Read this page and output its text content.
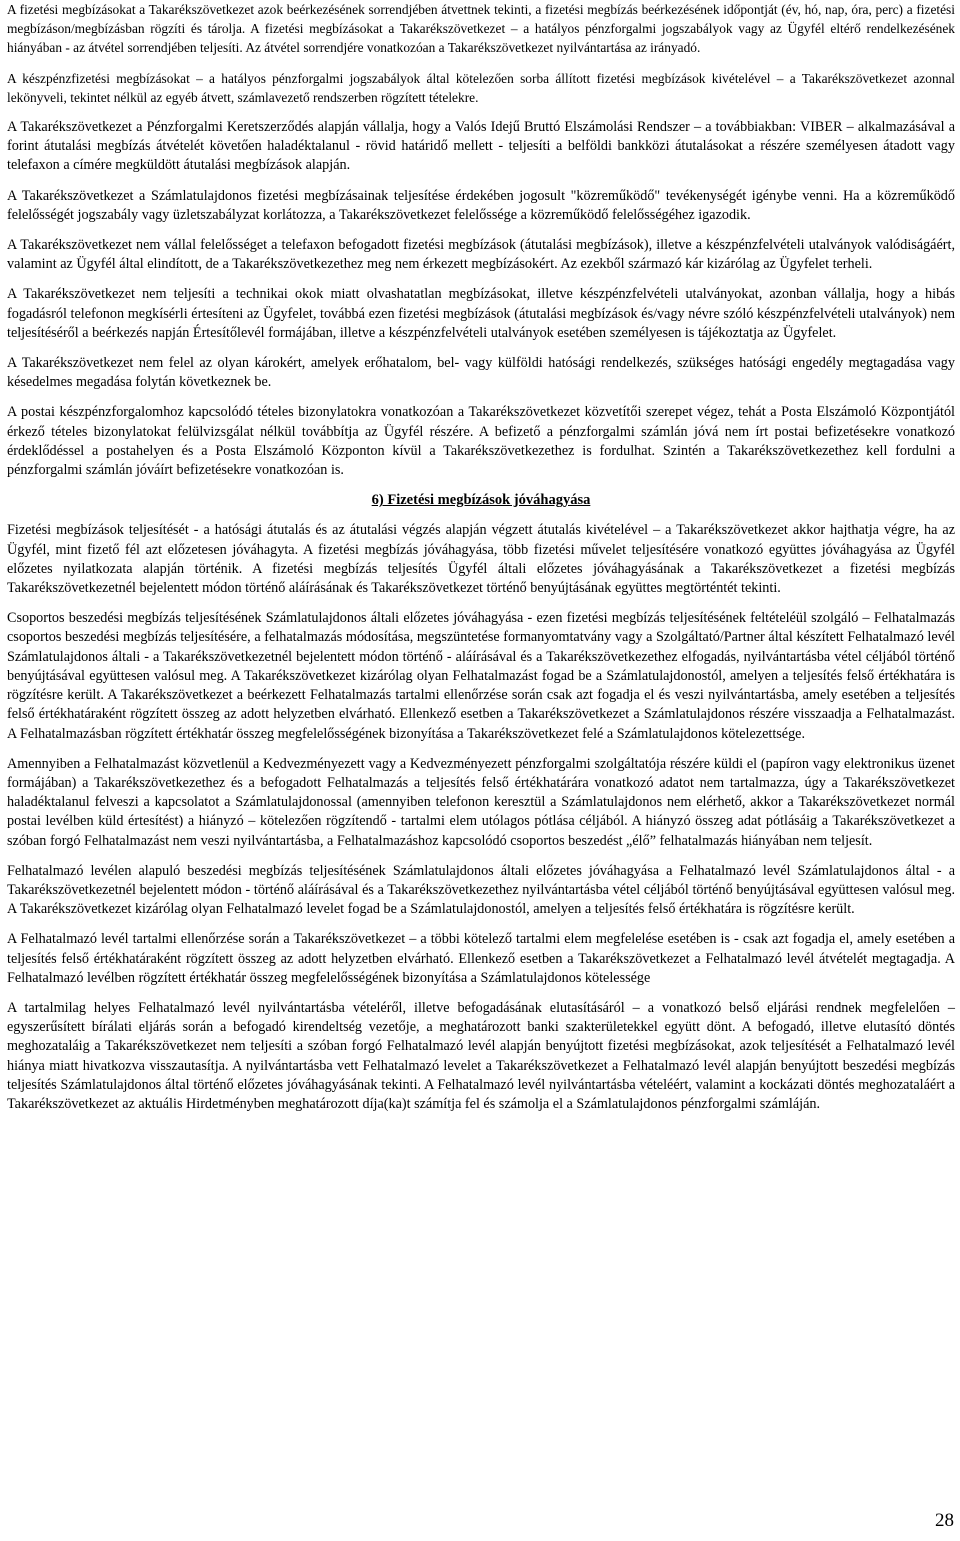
A fizetési megbízásokat a Takarékszövetkezet azok beérkezésének sorrendjében átvettnek tekinti, a fizetési megbízás beérkezésének időpontját (év, hó, nap, óra, perc) a fizetési megbízáson/megbízásban rögzíti és tárolja. A fizetési megbízásokat a Takarékszövetkezet – a hatályos pénzforgalmi jogszabályok vagy az Ügyfél eltérő rendelkezésének hiányában - az átvétel sorrendjében teljesíti. Az átvétel sorrendjére vonatkozóan a Takarékszövetkezet nyilvántartása az irányadó.

A készpénzfizetési megbízásokat – a hatályos pénzforgalmi jogszabályok által kötelezően sorba állított fizetési megbízások kivételével – a Takarékszövetkezet azonnal lekönyveli, tekintet nélkül az egyéb átvett, számlavezető rendszerben rögzített tételekre.

A Takarékszövetkezet a Pénzforgalmi Keretszerződés alapján vállalja, hogy a Valós Idejű Bruttó Elszámolási Rendszer – a továbbiakban: VIBER – alkalmazásával a forint átutalási megbízás átvételét követően haladéktalanul - rövid határidő mellett - teljesíti a belföldi bankközi átutalásokat a részére személyesen átadott vagy telefaxon a címére megküldött átutalási megbízások alapján.

A Takarékszövetkezet a Számlatulajdonos fizetési megbízásainak teljesítése érdekében jogosult "közreműködő" tevékenységét igénybe venni. Ha a közreműködő felelősségét jogszabály vagy üzletszabályzat korlátozza, a Takarékszövetkezet felelőssége a közreműködő felelősségéhez igazodik.

A Takarékszövetkezet nem vállal felelősséget a telefaxon befogadott fizetési megbízások (átutalási megbízások), illetve a készpénzfelvételi utalványok valódiságáért, valamint az Ügyfél által elindított, de a Takarékszövetkezethez meg nem érkezett megbízásokért. Az ezekből származó kár kizárólag az Ügyfelet terheli.

A Takarékszövetkezet nem teljesíti a technikai okok miatt olvashatatlan megbízásokat, illetve készpénzfelvételi utalványokat, azonban vállalja, hogy a hibás fogadásról telefonon megkísérli értesíteni az Ügyfelet, továbbá ezen fizetési megbízások (átutalási megbízások és/vagy névre szóló készpénzfelvételi utalványok) nem teljesítéséről a beérkezés napján Értesítőlevél formájában, illetve a készpénzfelvételi utalványok esetében személyesen is tájékoztatja az Ügyfelet.

A Takarékszövetkezet nem felel az olyan károkért, amelyek erőhatalom, bel- vagy külföldi hatósági rendelkezés, szükséges hatósági engedély megtagadása vagy késedelmes megadása folytán következnek be.

A postai készpénzforgalomhoz kapcsolódó tételes bizonylatokra vonatkozóan a Takarékszövetkezet közvetítői szerepet végez, tehát a Posta Elszámoló Központjától érkező tételes bizonylatokat felülvizsgálat nélkül továbbítja az Ügyfél részére. A befizető a pénzforgalmi számlán jóvá nem írt postai befizetésekre vonatkozó érdeklődéssel a postahelyen és a Posta Elszámoló Központon kívül a Takarékszövetkezethez is fordulhat. Szintén a Takarékszövetkezethez kell fordulni a pénzforgalmi számlán jóváírt befizetésekre vonatkozóan is.

6) Fizetési megbízások jóváhagyása

Fizetési megbízások teljesítését - a hatósági átutalás és az átutalási végzés alapján végzett átutalás kivételével – a Takarékszövetkezet akkor hajthatja végre, ha az Ügyfél, mint fizető fél azt előzetesen jóváhagyta. A fizetési megbízás jóváhagyása, több fizetési művelet teljesítésére vonatkozó együttes jóváhagyása az Ügyfél előzetes nyilatkozata alapján történik. A fizetési megbízás teljesítés Ügyfél általi előzetes jóváhagyásának a Takarékszövetkezet a fizetési megbízás Takarékszövetkezetnél bejelentett módon történő aláírásának és Takarékszövetkezet történő benyújtásának együttes megtörténtét tekinti.

Csoportos beszedési megbízás teljesítésének Számlatulajdonos általi előzetes jóváhagyása - ezen fizetési megbízás teljesítésének feltételéül szolgáló – Felhatalmazás csoportos beszedési megbízás teljesítésére, a felhatalmazás módosítása, megszüntetése formanyomtatvány vagy a Szolgáltató/Partner által készített Felhatalmazó levél Számlatulajdonos általi - a Takarékszövetkezetnél bejelentett módon történő - aláírásával és a Takarékszövetkezethez elfogadás, nyilvántartásba vétel céljából történő benyújtásával együttesen valósul meg. A Takarékszövetkezet kizárólag olyan Felhatalmazást fogad be a Számlatulajdonostól, amelyen a teljesítés felső értékhatára is rögzítésre került. A Takarékszövetkezet a beérkezett Felhatalmazás tartalmi ellenőrzése során csak azt fogadja el és veszi nyilvántartásba, amely esetében a teljesítés felső értékhatáraként rögzített összeg az adott helyzetben elvárható. Ellenkező esetben a Takarékszövetkezet a Számlatulajdonos részére visszaadja a Felhatalmazást. A Felhatalmazásban rögzített értékhatár összeg megfelelősségének bizonyítása a Takarékszövetkezet felé a Számlatulajdonos kötelezettsége.

Amennyiben a Felhatalmazást közvetlenül a Kedvezményezett vagy a Kedvezményezett pénzforgalmi szolgáltatója részére küldi el (papíron vagy elektronikus üzenet formájában) a Takarékszövetkezethez és a befogadott Felhatalmazás a teljesítés felső értékhatárára vonatkozó adatot nem tartalmazza, úgy a Takarékszövetkezet haladéktalanul felveszi a kapcsolatot a Számlatulajdonossal (amennyiben telefonon keresztül a Számlatulajdonos nem elérhető, akkor a Takarékszövetkezet normál postai levélben küld értesítést) a hiányzó – kötelezően rögzítendő - tartalmi elem utólagos pótlása céljából. A hiányzó összeg adat pótlásáig a Takarékszövetkezet a szóban forgó Felhatalmazást nem veszi nyilvántartásba, a Felhatalmazáshoz kapcsolódó csoportos beszedést „élő” felhatalmazás hiányában nem teljesít.

Felhatalmazó levélen alapuló beszedési megbízás teljesítésének Számlatulajdonos általi előzetes jóváhagyása a Felhatalmazó levél Számlatulajdonos által - a Takarékszövetkezetnél bejelentett módon - történő aláírásával és a Takarékszövetkezethez nyilvántartásba vétel céljából történő benyújtásával együttesen valósul meg. A Takarékszövetkezet kizárólag olyan Felhatalmazó levelet fogad be a Számlatulajdonostól, amelyen a teljesítés felső értékhatára is rögzítésre került.

A Felhatalmazó levél tartalmi ellenőrzése során a Takarékszövetkezet – a többi kötelező tartalmi elem megfelelése esetében is - csak azt fogadja el, amely esetében a teljesítés felső értékhatáraként rögzített összeg az adott helyzetben elvárható. Ellenkező esetben a Takarékszövetkezet a Felhatalmazó levél átvételét megtagadja. A Felhatalmazó levélben rögzített értékhatár összeg megfelelősségének bizonyítása a Számlatulajdonos kötelessége

A tartalmilag helyes Felhatalmazó levél nyilvántartásba vételéről, illetve befogadásának elutasításáról – a vonatkozó belső eljárási rendnek megfelelően – egyszerűsített bírálati eljárás során a befogadó kirendeltség vezetője, a meghatározott banki szakterületekkel együtt dönt. A befogadó, illetve elutasító döntés meghozataláig a Takarékszövetkezet nem teljesíti a szóban forgó Felhatalmazó levél alapján benyújtott fizetési megbízásokat, azok teljesítését a Felhatalmazó levél hiánya miatt hivatkozva visszautasítja. A nyilvántartásba vett Felhatalmazó levelet a Takarékszövetkezet a Felhatalmazó levél alapján benyújtott beszedési megbízás teljesítés Számlatulajdonos által történő előzetes jóváhagyásának tekinti. A Felhatalmazó levél nyilvántartásba vételéért, valamint a kockázati döntés meghozataláért a Takarékszövetkezet az aktuális Hirdetményben meghatározott díja(ka)t számítja fel és számolja el a Számlatulajdonos pénzforgalmi számláján.

28
